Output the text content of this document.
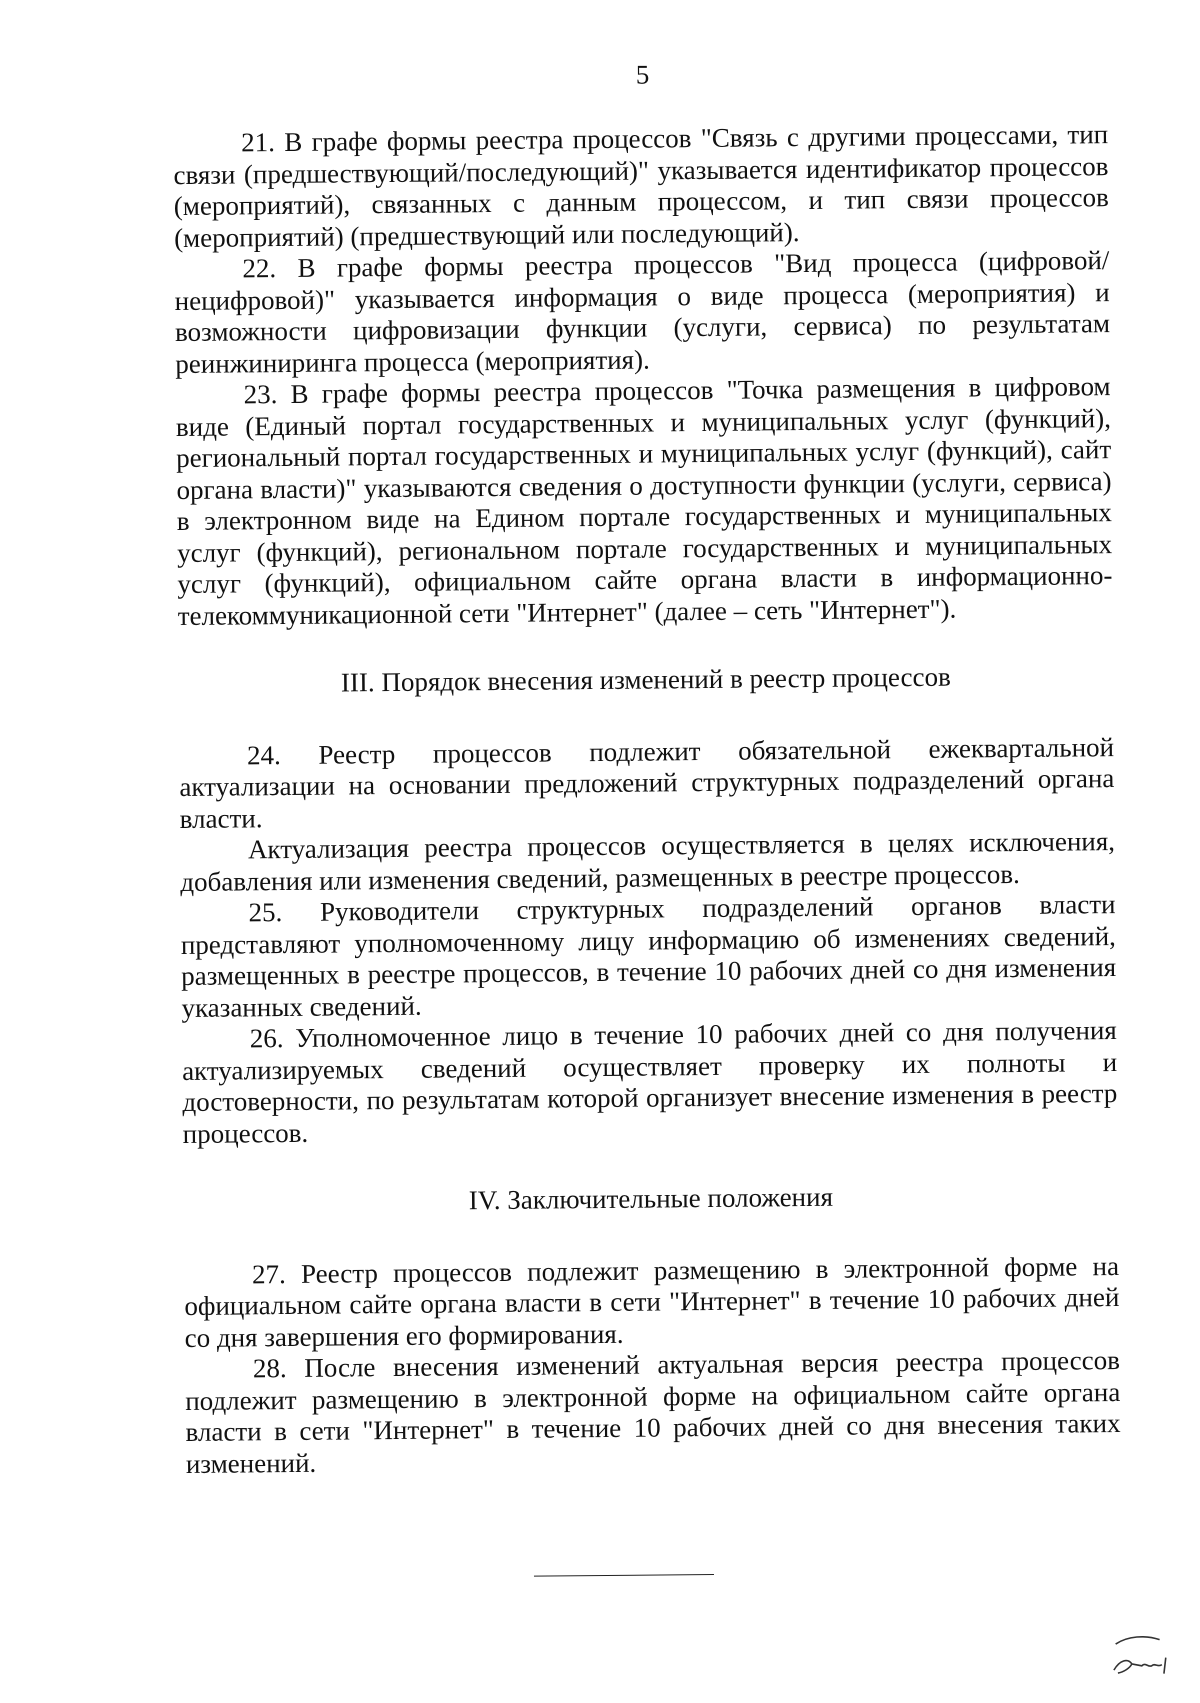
5

21. В графе формы реестра процессов "Связь с другими процессами, тип связи (предшествующий/последующий)" указывается идентификатор процессов (мероприятий), связанных с данным процессом, и тип связи процессов (мероприятий) (предшествующий или последующий).

22. В графе формы реестра процессов "Вид процесса (цифровой/нецифровой)" указывается информация о виде процесса (мероприятия) и возможности цифровизации функции (услуги, сервиса) по результатам реинжиниринга процесса (мероприятия).

23. В графе формы реестра процессов "Точка размещения в цифровом виде (Единый портал государственных и муниципальных услуг (функций), региональный портал государственных и муниципальных услуг (функций), сайт органа власти)" указываются сведения о доступности функции (услуги, сервиса) в электронном виде на Едином портале государственных и муниципальных услуг (функций), региональном портале государственных и муниципальных услуг (функций), официальном сайте органа власти в информационно-телекоммуникационной сети "Интернет" (далее – сеть "Интернет").

III. Порядок внесения изменений в реестр процессов

24. Реестр процессов подлежит обязательной ежеквартальной актуализации на основании предложений структурных подразделений органа власти.

Актуализация реестра процессов осуществляется в целях исключения, добавления или изменения сведений, размещенных в реестре процессов.

25. Руководители структурных подразделений органов власти представляют уполномоченному лицу информацию об изменениях сведений, размещенных в реестре процессов, в течение 10 рабочих дней со дня изменения указанных сведений.

26. Уполномоченное лицо в течение 10 рабочих дней со дня получения актуализируемых сведений осуществляет проверку их полноты и достоверности, по результатам которой организует внесение изменения в реестр процессов.

IV. Заключительные положения

27. Реестр процессов подлежит размещению в электронной форме на официальном сайте органа власти в сети "Интернет" в течение 10 рабочих дней со дня завершения его формирования.

28. После внесения изменений актуальная версия реестра процессов подлежит размещению в электронной форме на официальном сайте органа власти в сети "Интернет" в течение 10 рабочих дней со дня внесения таких изменений.
